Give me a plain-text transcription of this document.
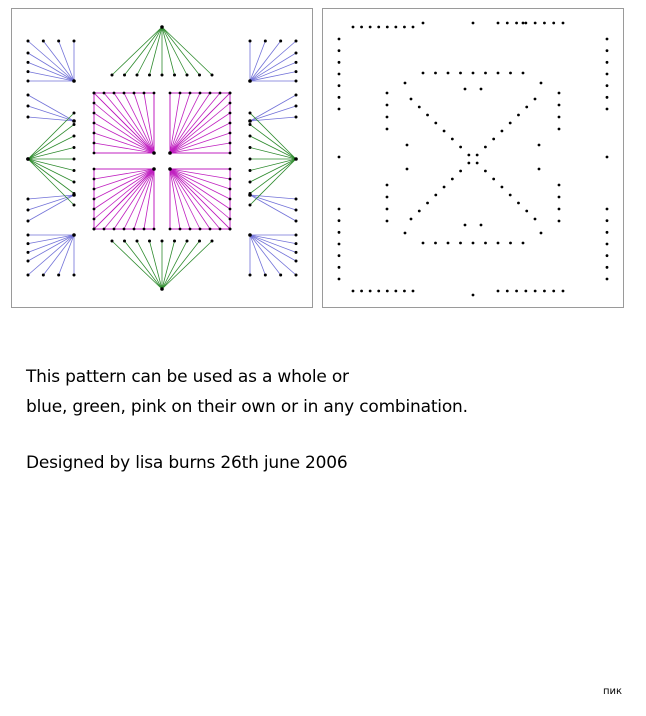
This pattern can be used as a whole or

blue, green, pink on their own or in any combination.

Designed by lisa burns 26th june 2006

пик
